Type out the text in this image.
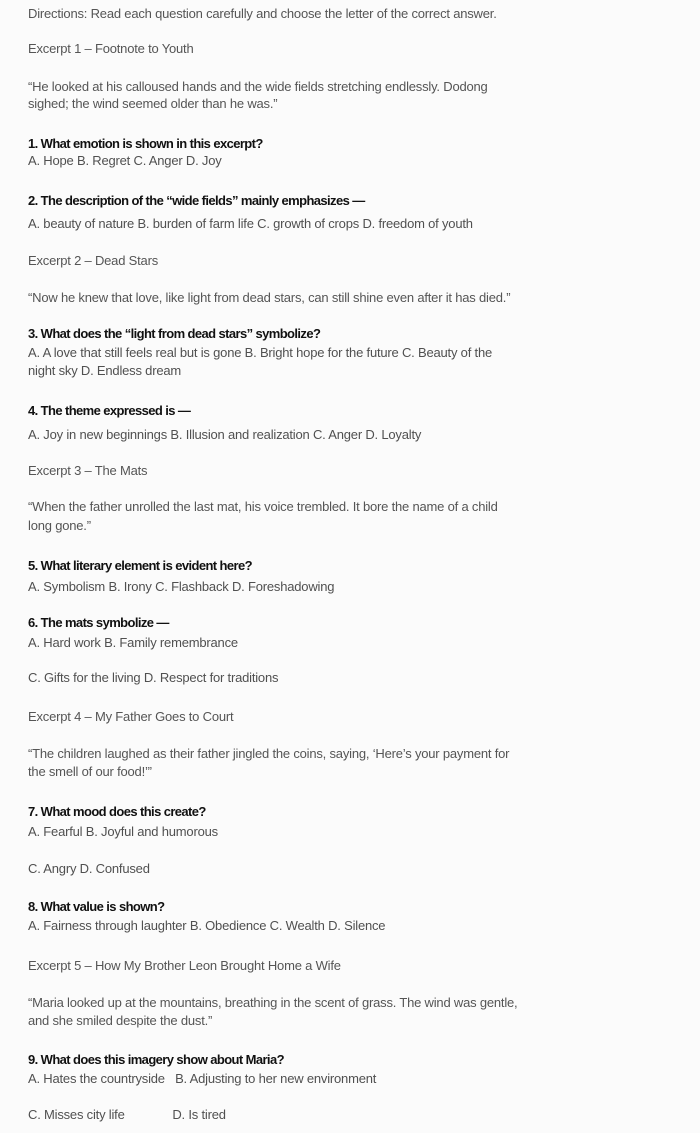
Directions: Read each question carefully and choose the letter of the correct answer.
Excerpt 1 – Footnote to Youth
“He looked at his calloused hands and the wide fields stretching endlessly. Dodong
sighed; the wind seemed older than he was.”
1. What emotion is shown in this excerpt?
A. Hope B. Regret C. Anger D. Joy
2. The description of the “wide fields” mainly emphasizes —
A. beauty of nature B. burden of farm life C. growth of crops D. freedom of youth
Excerpt 2 – Dead Stars
“Now he knew that love, like light from dead stars, can still shine even after it has died.”
3. What does the “light from dead stars” symbolize?
A. A love that still feels real but is gone B. Bright hope for the future C. Beauty of the
night sky D. Endless dream
4. The theme expressed is —
A. Joy in new beginnings B. Illusion and realization C. Anger D. Loyalty
Excerpt 3 – The Mats
“When the father unrolled the last mat, his voice trembled. It bore the name of a child
long gone.”
5. What literary element is evident here?
A. Symbolism B. Irony C. Flashback D. Foreshadowing
6. The mats symbolize —
A. Hard work B. Family remembrance
C. Gifts for the living D. Respect for traditions
Excerpt 4 – My Father Goes to Court
“The children laughed as their father jingled the coins, saying, ‘Here’s your payment for
the smell of our food!’”
7. What mood does this create?
A. Fearful B. Joyful and humorous
C. Angry D. Confused
8. What value is shown?
A. Fairness through laughter B. Obedience C. Wealth D. Silence
Excerpt 5 – How My Brother Leon Brought Home a Wife
“Maria looked up at the mountains, breathing in the scent of grass. The wind was gentle,
and she smiled despite the dust.”
9. What does this imagery show about Maria?
A. Hates the countryside   B. Adjusting to her new environment
C. Misses city life              D. Is tired
